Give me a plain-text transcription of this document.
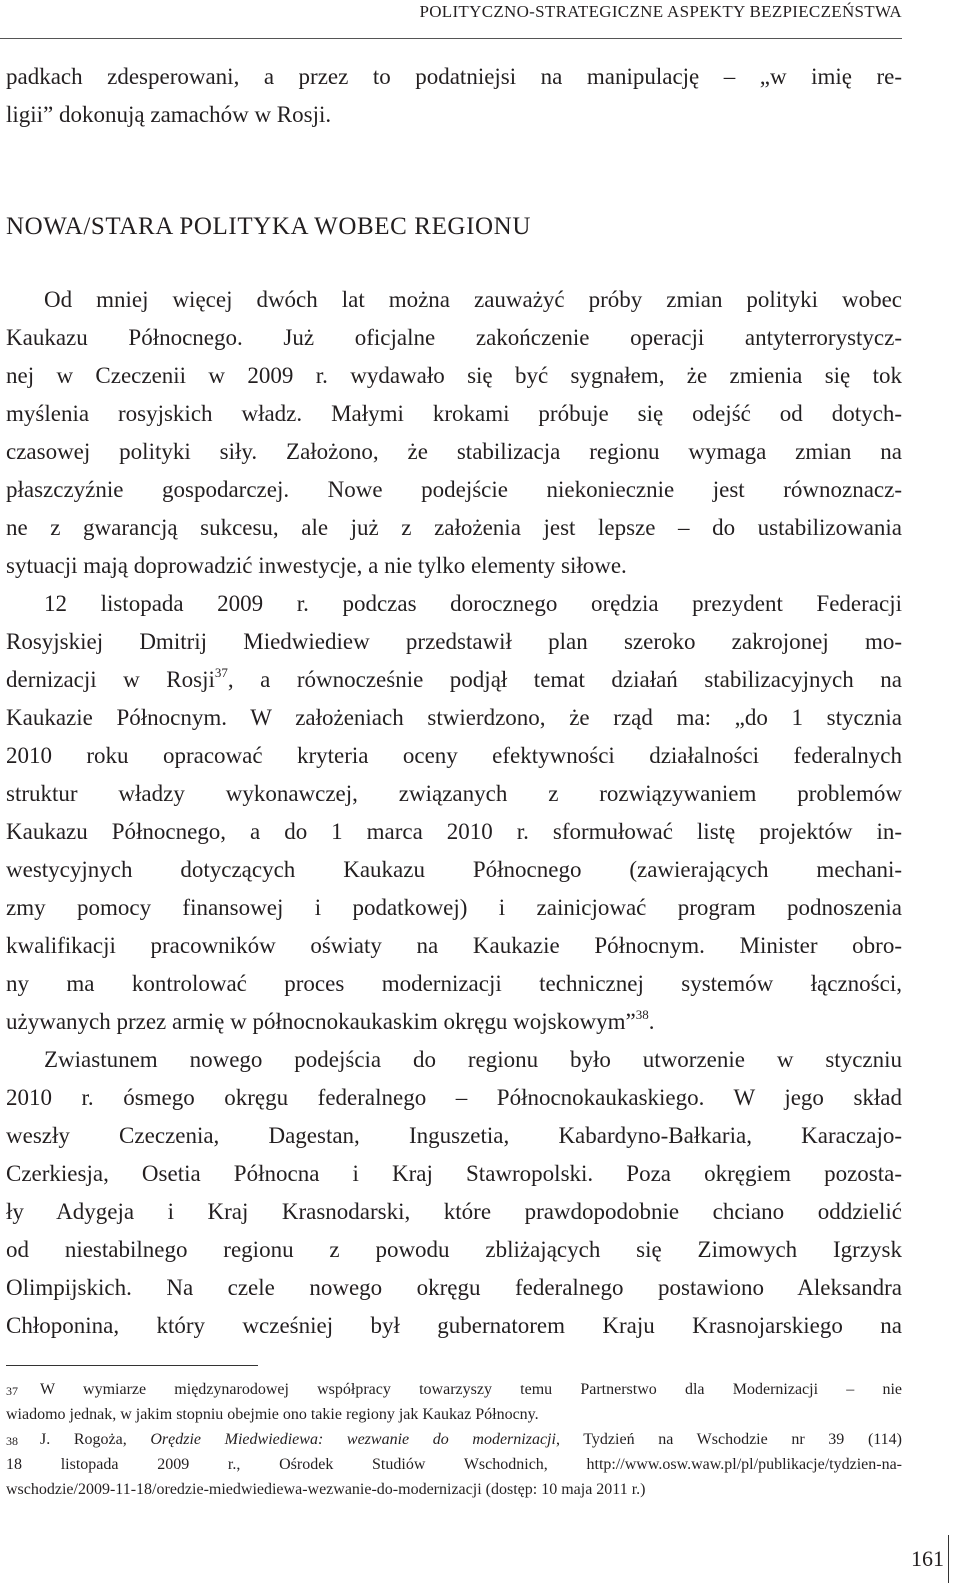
POLITYCZNO-STRATEGICZNE ASPEKTY BEZPIECZEŃSTWA
padkach zdesperowani, a przez to podatniejsi na manipulację – „w imię re-
ligii” dokonują zamachów w Rosji.
NOWA/STARA POLITYKA WOBEC REGIONU
Od mniej więcej dwóch lat można zauważyć próby zmian polityki wobec
Kaukazu Północnego. Już oficjalne zakończenie operacji antyterrorystycz-
nej w Czeczenii w 2009 r. wydawało się być sygnałem, że zmienia się tok
myślenia rosyjskich władz. Małymi krokami próbuje się odejść od dotych-
czasowej polityki siły. Założono, że stabilizacja regionu wymaga zmian na
płaszczyźnie gospodarczej. Nowe podejście niekoniecznie jest równoznacz-
ne z gwarancją sukcesu, ale już z założenia jest lepsze – do ustabilizowania
sytuacji mają doprowadzić inwestycje, a nie tylko elementy siłowe.
12 listopada 2009 r. podczas dorocznego orędzia prezydent Federacji
Rosyjskiej Dmitrij Miedwiediew przedstawił plan szeroko zakrojonej mo-
dernizacji w Rosji$^{37}$, a równocześnie podjął temat działań stabilizacyjnych na
Kaukazie Północnym. W założeniach stwierdzono, że rząd ma: „do 1 stycznia
2010 roku opracować kryteria oceny efektywności działalności federalnych
struktur władzy wykonawczej, związanych z rozwiązywaniem problemów
Kaukazu Północnego, a do 1 marca 2010 r. sformułować listę projektów in-
westycyjnych dotyczących Kaukazu Północnego (zawierających mechani-
zmy pomocy finansowej i podatkowej) i zainicjować program podnoszenia
kwalifikacji pracowników oświaty na Kaukazie Północnym. Minister obro-
ny ma kontrolować proces modernizacji technicznej systemów łączności,
używanych przez armię w północnokaukaskim okręgu wojskowym”$^{38}$.
Zwiastunem nowego podejścia do regionu było utworzenie w styczniu
2010 r. ósmego okręgu federalnego – Północnokaukaskiego. W jego skład
weszły Czeczenia, Dagestan, Inguszetia, Kabardyno-Bałkaria, Karaczajo-
Czerkiesja, Osetia Północna i Kraj Stawropolski. Poza okręgiem pozosta-
ły Adygeja i Kraj Krasnodarski, które prawdopodobnie chciano oddzielić
od niestabilnego regionu z powodu zbliżających się Zimowych Igrzysk
Olimpijskich. Na czele nowego okręgu federalnego postawiono Aleksandra
Chłoponina, który wcześniej był gubernatorem Kraju Krasnojarskiego na
37 W wymiarze międzynarodowej współpracy towarzyszy temu Partnerstwo dla Modernizacji – nie
wiadomo jednak, w jakim stopniu obejmie ono takie regiony jak Kaukaz Północny.
38 J. Rogoża, Orędzie Miedwiediewa: wezwanie do modernizacji, Tydzień na Wschodzie nr 39 (114)
18 listopada 2009 r., Ośrodek Studiów Wschodnich, http://www.osw.waw.pl/pl/publikacje/tydzien-na-
wschodzie/2009-11-18/oredzie-miedwiediewa-wezwanie-do-modernizacji (dostęp: 10 maja 2011 r.)
161
